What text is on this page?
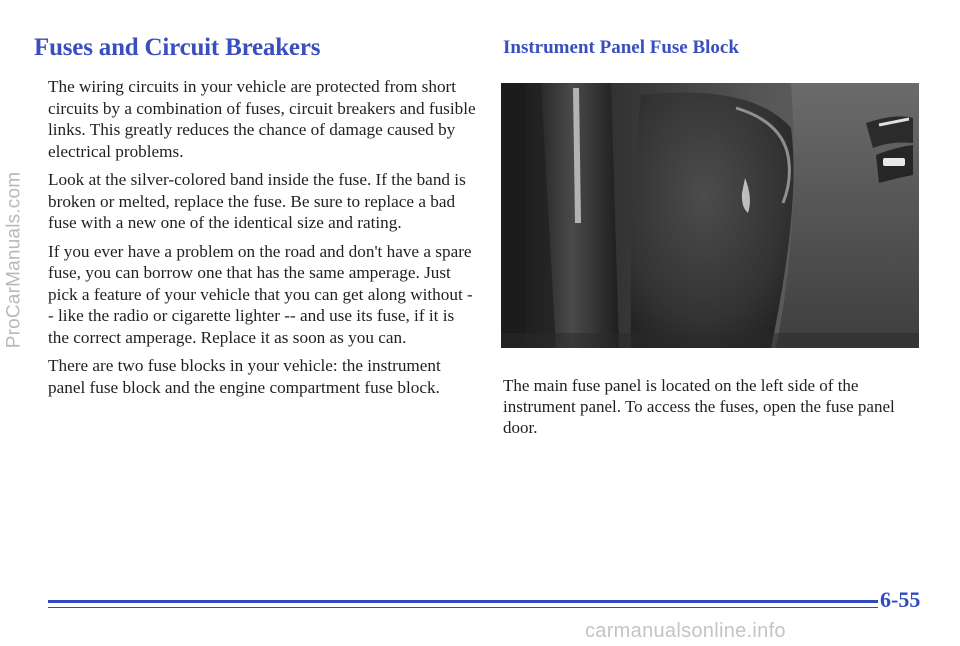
ProCarManuals.com
Fuses and Circuit Breakers

The wiring circuits in your vehicle are protected from short circuits by a combination of fuses, circuit breakers and fusible links. This greatly reduces the chance of damage caused by electrical problems.

Look at the silver-colored band inside the fuse. If the band is broken or melted, replace the fuse. Be sure to replace a bad fuse with a new one of the identical size and rating.

If you ever have a problem on the road and don't have a spare fuse, you can borrow one that has the same amperage. Just pick a feature of your vehicle that you can get along without -- like the radio or cigarette lighter -- and use its fuse, if it is the correct amperage. Replace it as soon as you can.

There are two fuse blocks in your vehicle: the instrument panel fuse block and the engine compartment fuse block.

Instrument Panel Fuse Block

The main fuse panel is located on the left side of the instrument panel. To access the fuses, open the fuse panel door.

6-55

carmanualsonline.info
